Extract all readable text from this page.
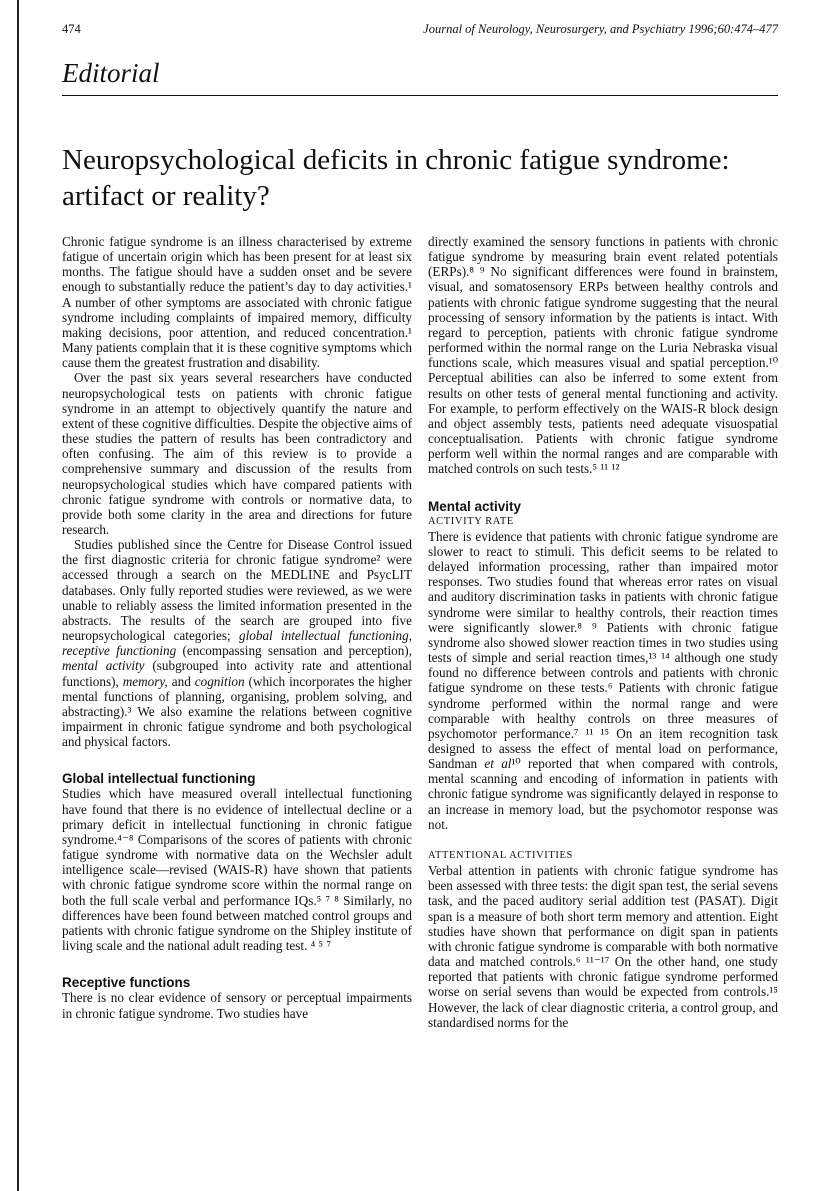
474	Journal of Neurology, Neurosurgery, and Psychiatry 1996;60:474–477
Editorial
Neuropsychological deficits in chronic fatigue syndrome: artifact or reality?

Chronic fatigue syndrome is an illness characterised by extreme fatigue of uncertain origin which has been present for at least six months. The fatigue should have a sudden onset and be severe enough to substantially reduce the patient’s day to day activities.¹ A number of other symptoms are associated with chronic fatigue syndrome including complaints of impaired memory, difficulty making decisions, poor attention, and reduced concentration.¹ Many patients complain that it is these cognitive symptoms which cause them the greatest frustration and disability.

Over the past six years several researchers have conducted neuropsychological tests on patients with chronic fatigue syndrome in an attempt to objectively quantify the nature and extent of these cognitive difficulties. Despite the objective aims of these studies the pattern of results has been contradictory and often confusing. The aim of this review is to provide a comprehensive summary and discussion of the results from neuropsychological studies which have compared patients with chronic fatigue syndrome with controls or normative data, to provide both some clarity in the area and directions for future research.

Studies published since the Centre for Disease Control issued the first diagnostic criteria for chronic fatigue syndrome² were accessed through a search on the MEDLINE and PsycLIT databases. Only fully reported studies were reviewed, as we were unable to reliably assess the limited information presented in the abstracts. The results of the search are grouped into five neuropsychological categories; global intellectual functioning, receptive functioning (encompassing sensation and perception), mental activity (subgrouped into activity rate and attentional functions), memory, and cognition (which incorporates the higher mental functions of planning, organising, problem solving, and abstracting).³ We also examine the relations between cognitive impairment in chronic fatigue syndrome and both psychological and physical factors.

Global intellectual functioning

Studies which have measured overall intellectual functioning have found that there is no evidence of intellectual decline or a primary deficit in intellectual functioning in chronic fatigue syndrome.⁴⁻⁸ Comparisons of the scores of patients with chronic fatigue syndrome with normative data on the Wechsler adult intelligence scale—revised (WAIS-R) have shown that patients with chronic fatigue syndrome score within the normal range on both the full scale verbal and performance IQs.⁵ ⁷ ⁸ Similarly, no differences have been found between matched control groups and patients with chronic fatigue syndrome on the Shipley institute of living scale and the national adult reading test. ⁴ ⁵ ⁷

Receptive functions

There is no clear evidence of sensory or perceptual impairments in chronic fatigue syndrome. Two studies have

directly examined the sensory functions in patients with chronic fatigue syndrome by measuring brain event related potentials (ERPs).⁸ ⁹ No significant differences were found in brainstem, visual, and somatosensory ERPs between healthy controls and patients with chronic fatigue syndrome suggesting that the neural processing of sensory information by the patients is intact. With regard to perception, patients with chronic fatigue syndrome performed within the normal range on the Luria Nebraska visual functions scale, which measures visual and spatial perception.¹⁰ Perceptual abilities can also be inferred to some extent from results on other tests of general mental functioning and activity. For example, to perform effectively on the WAIS-R block design and object assembly tests, patients need adequate visuospatial conceptualisation. Patients with chronic fatigue syndrome perform well within the normal ranges and are comparable with matched controls on such tests.⁵ ¹¹ ¹²

Mental activity
ACTIVITY RATE

There is evidence that patients with chronic fatigue syndrome are slower to react to stimuli. This deficit seems to be related to delayed information processing, rather than impaired motor responses. Two studies found that whereas error rates on visual and auditory discrimination tasks in patients with chronic fatigue syndrome were similar to healthy controls, their reaction times were significantly slower.⁸ ⁹ Patients with chronic fatigue syndrome also showed slower reaction times in two studies using tests of simple and serial reaction times,¹³ ¹⁴ although one study found no difference between controls and patients with chronic fatigue syndrome on these tests.⁶ Patients with chronic fatigue syndrome performed within the normal range and were comparable with healthy controls on three measures of psychomotor performance.⁷ ¹¹ ¹⁵ On an item recognition task designed to assess the effect of mental load on performance, Sandman et al¹⁰ reported that when compared with controls, mental scanning and encoding of information in patients with chronic fatigue syndrome was significantly delayed in response to an increase in memory load, but the psychomotor response was not.

ATTENTIONAL ACTIVITIES

Verbal attention in patients with chronic fatigue syndrome has been assessed with three tests: the digit span test, the serial sevens task, and the paced auditory serial addition test (PASAT). Digit span is a measure of both short term memory and attention. Eight studies have shown that performance on digit span in patients with chronic fatigue syndrome is comparable with both normative data and matched controls.⁶ ¹¹⁻¹⁷ On the other hand, one study reported that patients with chronic fatigue syndrome performed worse on serial sevens than would be expected from controls.¹⁵ However, the lack of clear diagnostic criteria, a control group, and standardised norms for the
